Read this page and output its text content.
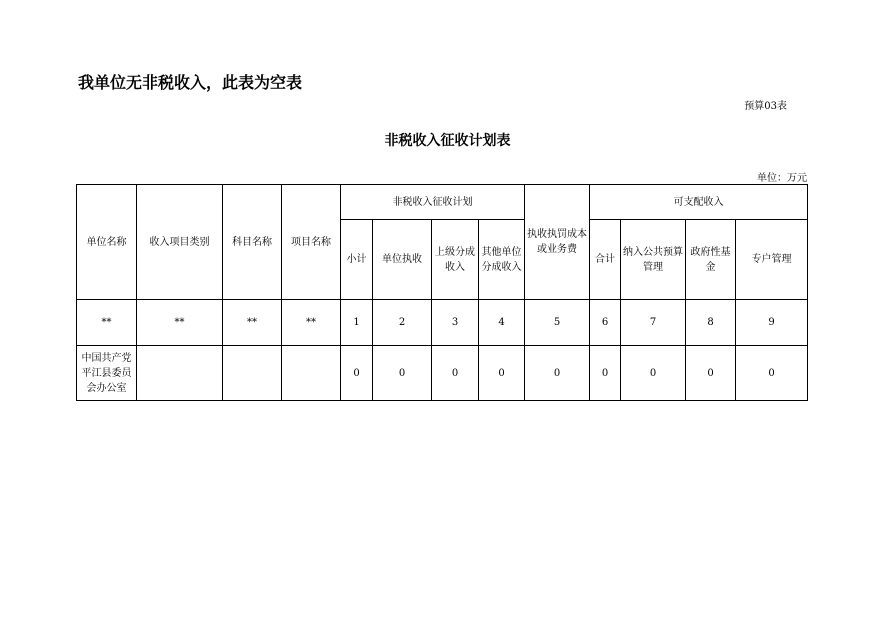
我单位无非税收入，此表为空表
预算03表
非税收入征收计划表
单位：万元
单位名称	收入项目类别	科目名称	项目名称	非税收入征收计划				执收执罚成本或业务费	可支配收入			
				小计	单位执收	上级分成收入	其他单位分成收入		合计	纳入公共预算管理	政府性基金	专户管理
**	**	**	**	1	2	3	4	5	6	7	8	9
中国共产党平江县委员会办公室				0	0	0	0	0	0	0	0	0
